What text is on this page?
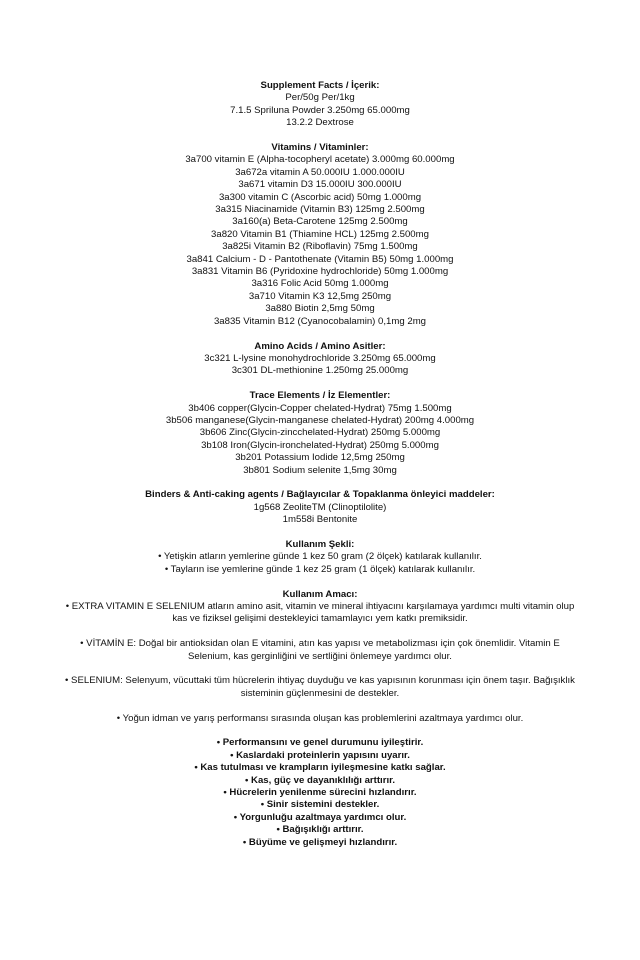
Supplement Facts / İçerik:
Per/50g Per/1kg
7.1.5 Spriluna Powder 3.250mg 65.000mg
13.2.2 Dextrose
Vitamins / Vitaminler:
3a700 vitamin E (Alpha-tocopheryl acetate) 3.000mg 60.000mg
3a672a vitamin A 50.000IU 1.000.000IU
3a671 vitamin D3 15.000IU 300.000IU
3a300 vitamin C (Ascorbic acid) 50mg 1.000mg
3a315 Niacinamide (Vitamin B3) 125mg 2.500mg
3a160(a) Beta-Carotene 125mg 2.500mg
3a820 Vitamin B1 (Thiamine HCL) 125mg 2.500mg
3a825i Vitamin B2 (Riboflavin) 75mg 1.500mg
3a841 Calcium - D - Pantothenate (Vitamin B5) 50mg 1.000mg
3a831 Vitamin B6 (Pyridoxine hydrochloride) 50mg 1.000mg
3a316 Folic Acid 50mg 1.000mg
3a710 Vitamin K3 12,5mg 250mg
3a880 Biotin 2,5mg 50mg
3a835 Vitamin B12 (Cyanocobalamin) 0,1mg 2mg
Amino Acids / Amino Asitler:
3c321 L-lysine monohydrochloride 3.250mg 65.000mg
3c301 DL-methionine 1.250mg 25.000mg
Trace Elements / İz Elementler:
3b406 copper(Glycin-Copper chelated-Hydrat) 75mg 1.500mg
3b506 manganese(Glycin-manganese chelated-Hydrat) 200mg 4.000mg
3b606 Zinc(Glycin-zincchelated-Hydrat) 250mg 5.000mg
3b108 Iron(Glycin-ironchelated-Hydrat) 250mg 5.000mg
3b201 Potassium Iodide 12,5mg 250mg
3b801 Sodium selenite 1,5mg 30mg
Binders & Anti-caking agents / Bağlayıcılar & Topaklanma önleyici maddeler:
1g568 ZeoliteTM (Clinoptilolite)
1m558i Bentonite
Kullanım Şekli:
• Yetişkin atların yemlerine günde 1 kez 50 gram (2 ölçek) katılarak kullanılır.
• Tayların ise yemlerine günde 1 kez 25 gram (1 ölçek) katılarak kullanılır.
Kullanım Amacı:
• EXTRA VITAMIN E SELENIUM atların amino asit, vitamin ve mineral ihtiyacını karşılamaya yardımcı multi vitamin olup kas ve fiziksel gelişimi destekleyici tamamlayıcı yem katkı premiksidir.
• VİTAMİN E: Doğal bir antioksidan olan E vitamini, atın kas yapısı ve metabolizması için çok önemlidir. Vitamin E Selenium, kas gerginliğini ve sertliğini önlemeye yardımcı olur.
• SELENIUM: Selenyum, vücuttaki tüm hücrelerin ihtiyaç duyduğu ve kas yapısının korunması için önem taşır. Bağışıklık sisteminin güçlenmesini de destekler.
• Yoğun idman ve yarış performansı sırasında oluşan kas problemlerini azaltmaya yardımcı olur.
• Performansını ve genel durumunu iyileştirir.
• Kaslardaki proteinlerin yapısını uyarır.
• Kas tutulması ve krampların iyileşmesine katkı sağlar.
• Kas, güç ve dayanıklılığı arttırır.
• Hücrelerin yenilenme sürecini hızlandırır.
• Sinir sistemini destekler.
• Yorgunluğu azaltmaya yardımcı olur.
• Bağışıklığı arttırır.
• Büyüme ve gelişmeyi hızlandırır.
